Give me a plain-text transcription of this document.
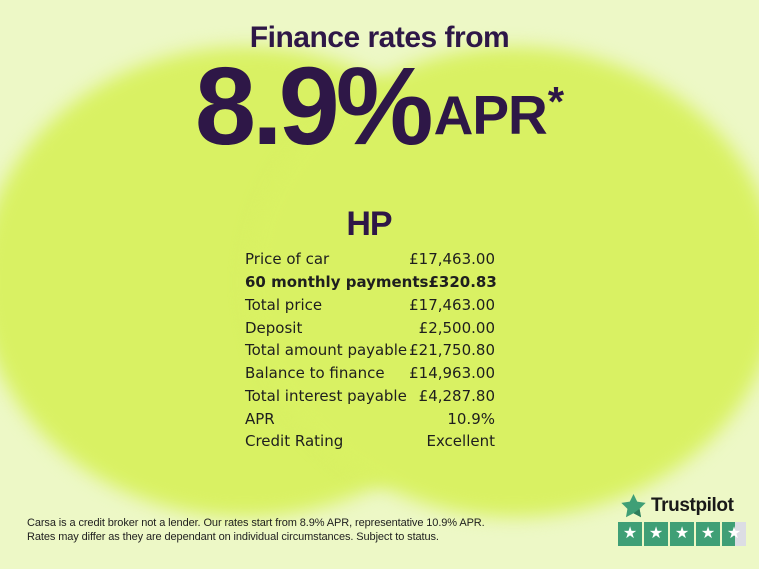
Finance rates from
8.9% APR *
HP
Price of car	£17,463.00
60 monthly payments £320.83
Total price	£17,463.00
Deposit	£2,500.00
Total amount payable £21,750.80
Balance to finance £14,963.00
Total interest payable £4,287.80
APR	10.9%
Credit Rating	Excellent
Carsa is a credit broker not a lender. Our rates start from 8.9% APR, representative 10.9% APR.
Rates may differ as they are dependant on individual circumstances. Subject to status.
Trustpilot
★ ★ ★ ★ ★
